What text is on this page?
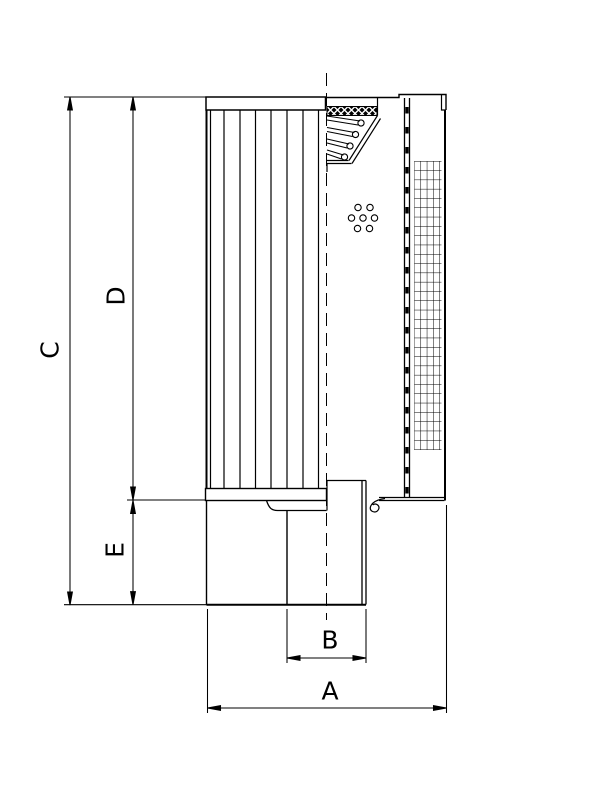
C
D
E
B
A
